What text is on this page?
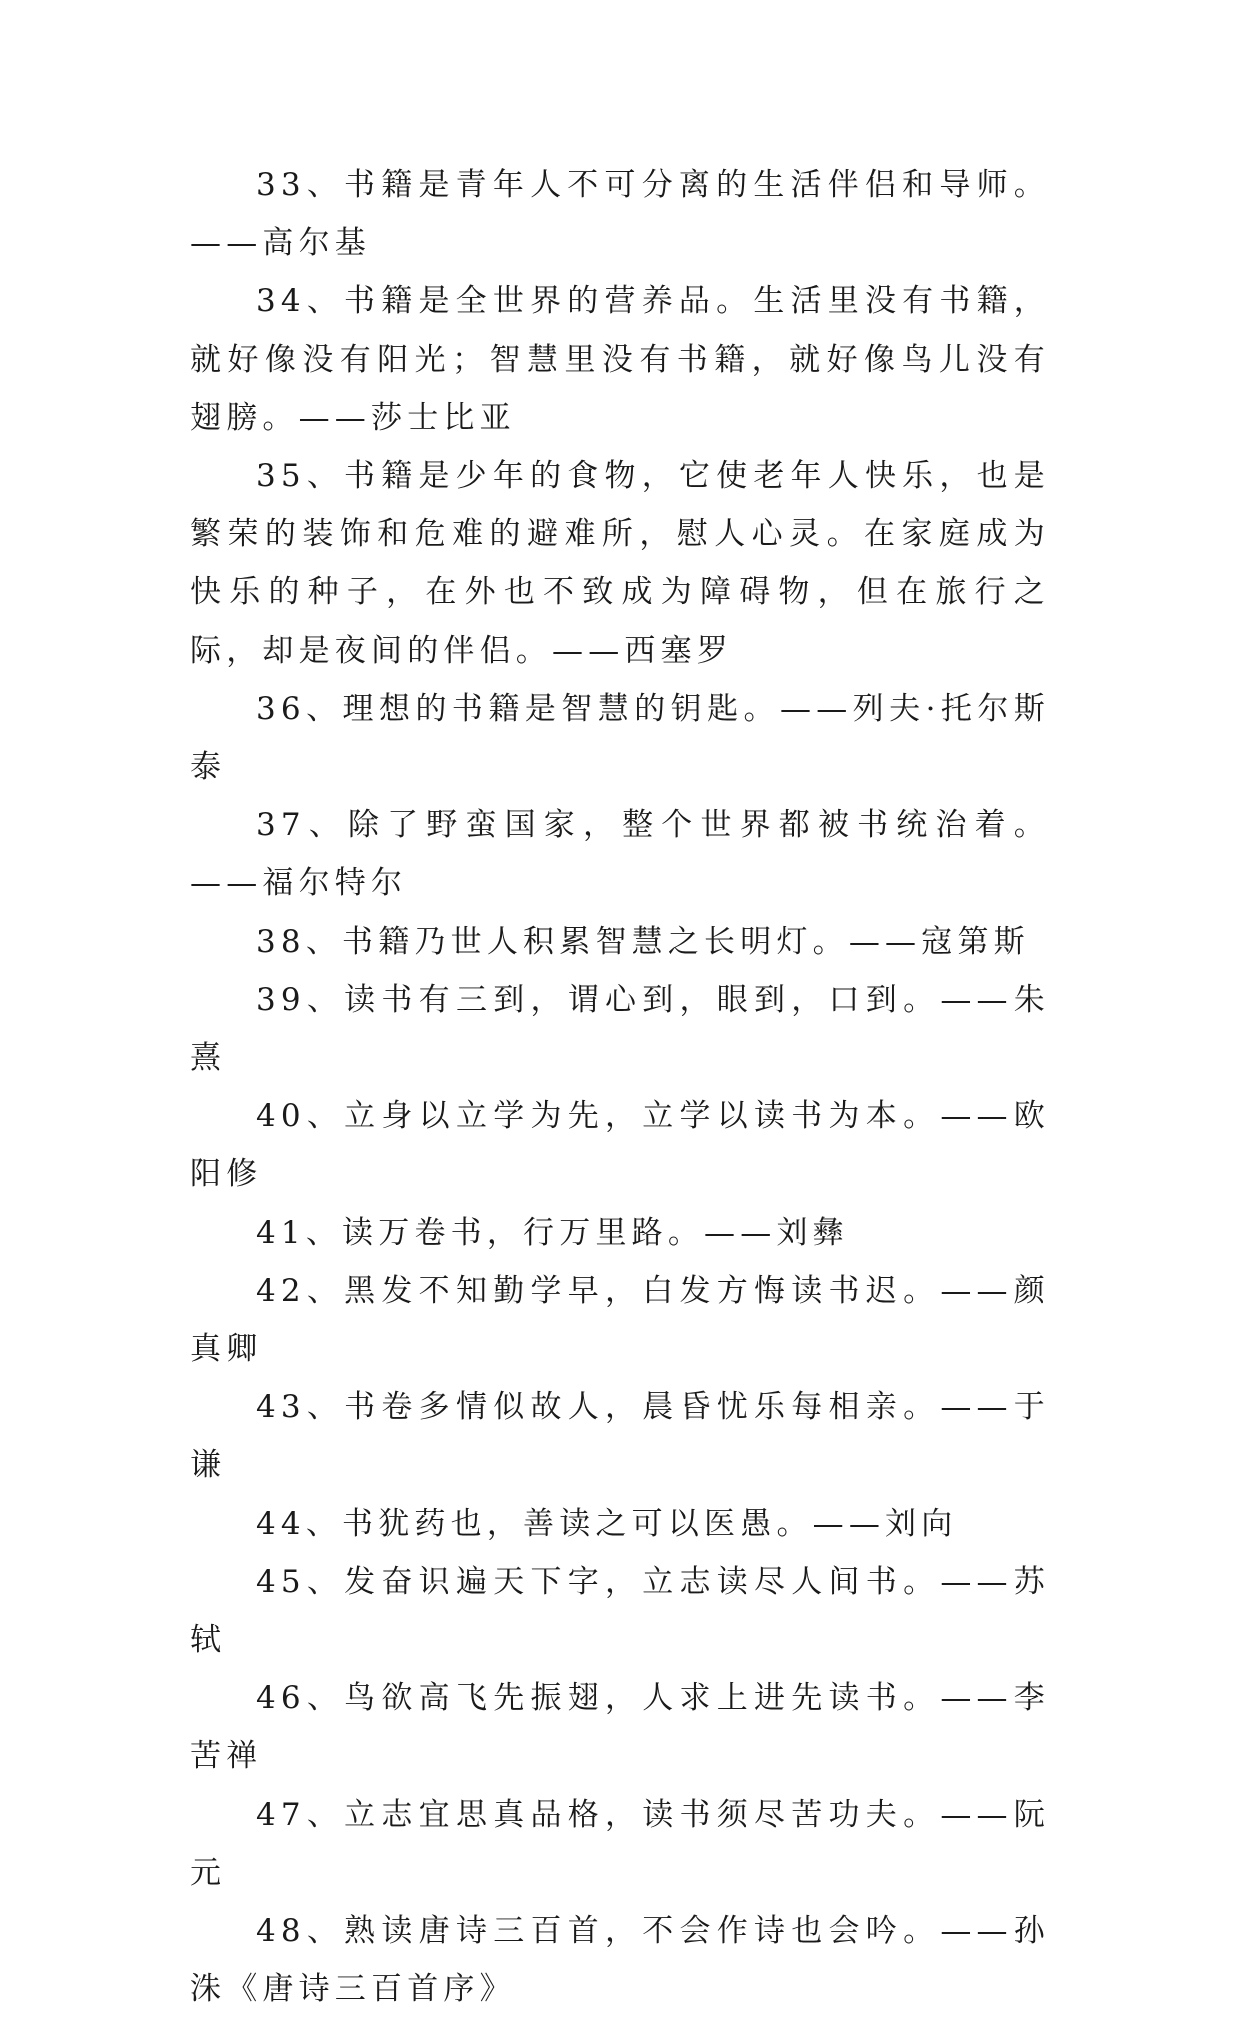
33、书籍是青年人不可分离的生活伴侣和导师。——高尔基

34、书籍是全世界的营养品。生活里没有书籍，就好像没有阳光；智慧里没有书籍，就好像鸟儿没有翅膀。——莎士比亚

35、书籍是少年的食物，它使老年人快乐，也是繁荣的装饰和危难的避难所，慰人心灵。在家庭成为快乐的种子，在外也不致成为障碍物，但在旅行之际，却是夜间的伴侣。——西塞罗

36、理想的书籍是智慧的钥匙。——列夫·托尔斯泰

37、除了野蛮国家，整个世界都被书统治着。——福尔特尔

38、书籍乃世人积累智慧之长明灯。——寇第斯

39、读书有三到，谓心到，眼到，口到。——朱熹

40、立身以立学为先，立学以读书为本。——欧阳修

41、读万卷书，行万里路。——刘彝

42、黑发不知勤学早，白发方悔读书迟。——颜真卿

43、书卷多情似故人，晨昏忧乐每相亲。——于谦

44、书犹药也，善读之可以医愚。——刘向

45、发奋识遍天下字，立志读尽人间书。——苏轼

46、鸟欲高飞先振翅，人求上进先读书。——李苦禅

47、立志宜思真品格，读书须尽苦功夫。——阮元

48、熟读唐诗三百首，不会作诗也会吟。——孙洙《唐诗三百首序》
